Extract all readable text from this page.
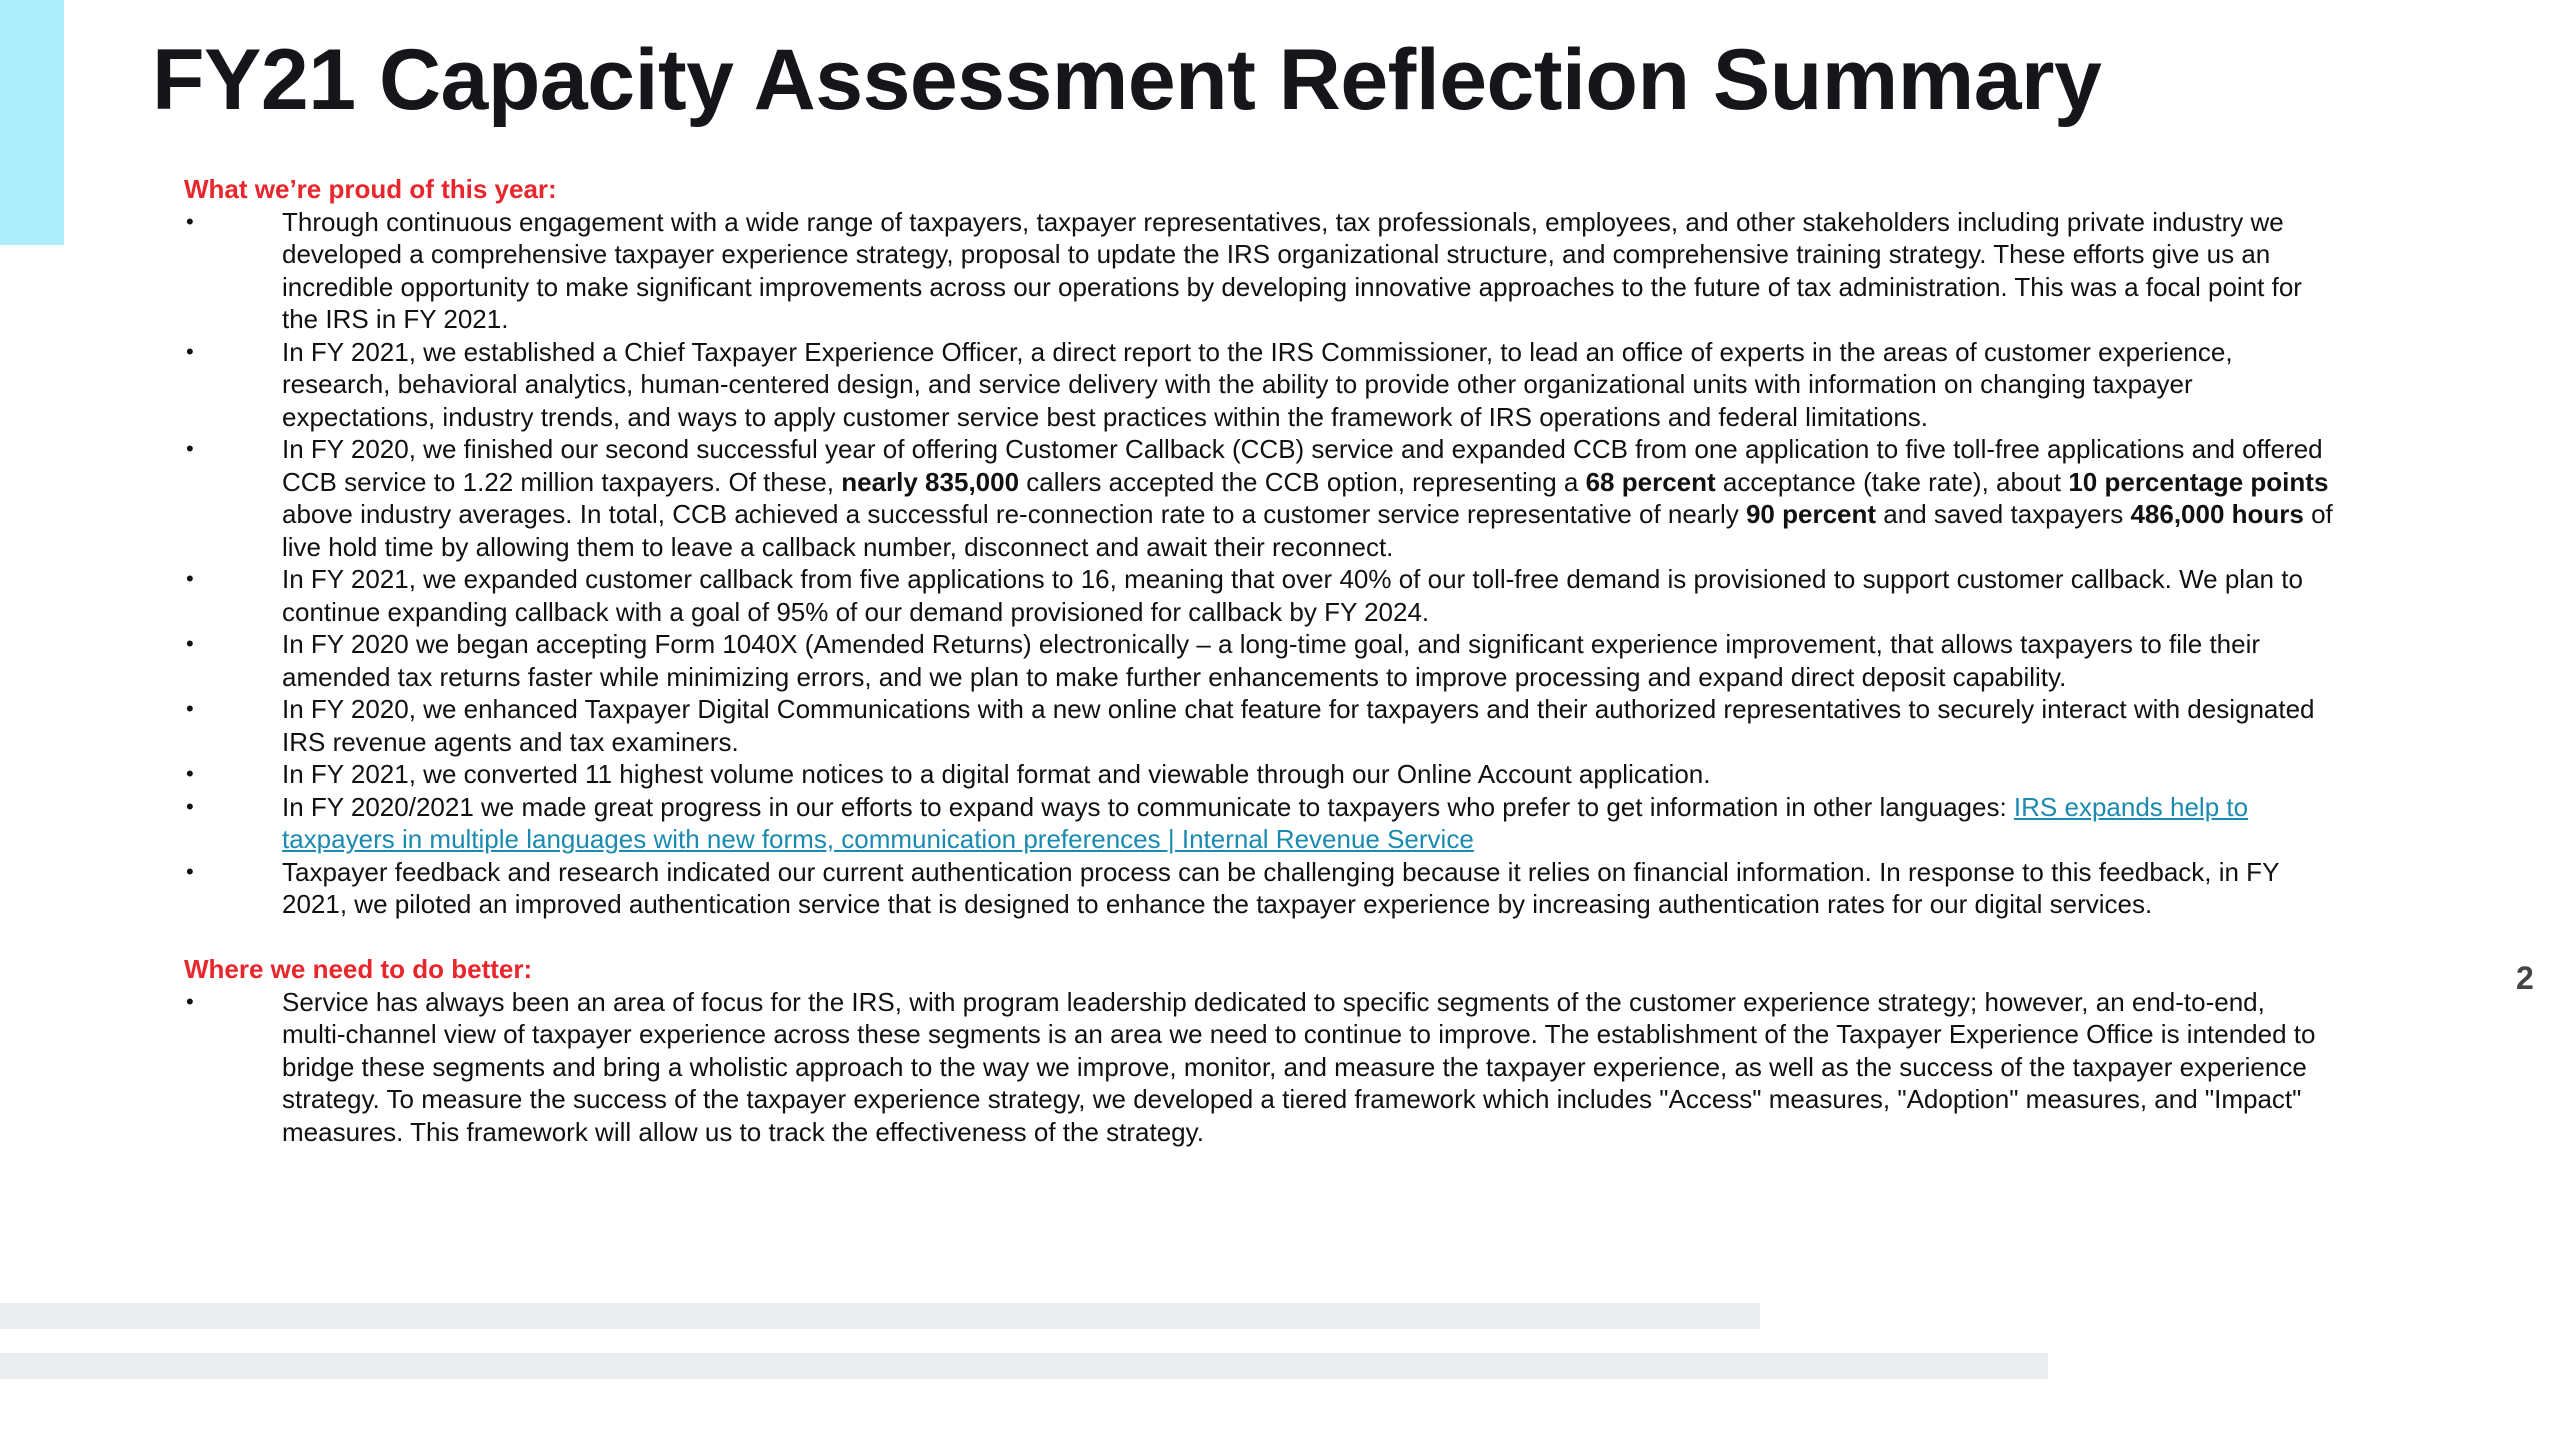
FY21 Capacity Assessment Reflection Summary

What we’re proud of this year:

•	Through continuous engagement with a wide range of taxpayers, taxpayer representatives, tax professionals, employees, and other stakeholders including private industry we developed a comprehensive taxpayer experience strategy, proposal to update the IRS organizational structure, and comprehensive training strategy. These efforts give us an incredible opportunity to make significant improvements across our operations by developing innovative approaches to the future of tax administration. This was a focal point for the IRS in FY 2021.
•	In FY 2021, we established a Chief Taxpayer Experience Officer, a direct report to the IRS Commissioner, to lead an office of experts in the areas of customer experience, research, behavioral analytics, human-centered design, and service delivery with the ability to provide other organizational units with information on changing taxpayer expectations, industry trends, and ways to apply customer service best practices within the framework of IRS operations and federal limitations.
•	In FY 2020, we finished our second successful year of offering Customer Callback (CCB) service and expanded CCB from one application to five toll-free applications and offered CCB service to 1.22 million taxpayers. Of these, nearly 835,000 callers accepted the CCB option, representing a 68 percent acceptance (take rate), about 10 percentage points above industry averages. In total, CCB achieved a successful re-connection rate to a customer service representative of nearly 90 percent and saved taxpayers 486,000 hours of live hold time by allowing them to leave a callback number, disconnect and await their reconnect.
•	In FY 2021, we expanded customer callback from five applications to 16, meaning that over 40% of our toll-free demand is provisioned to support customer callback. We plan to continue expanding callback with a goal of 95% of our demand provisioned for callback by FY 2024.
•	In FY 2020 we began accepting Form 1040X (Amended Returns) electronically – a long-time goal, and significant experience improvement, that allows taxpayers to file their amended tax returns faster while minimizing errors, and we plan to make further enhancements to improve processing and expand direct deposit capability.
•	In FY 2020, we enhanced Taxpayer Digital Communications with a new online chat feature for taxpayers and their authorized representatives to securely interact with designated IRS revenue agents and tax examiners.
•	In FY 2021, we converted 11 highest volume notices to a digital format and viewable through our Online Account application.
•	In FY 2020/2021 we made great progress in our efforts to expand ways to communicate to taxpayers who prefer to get information in other languages: IRS expands help to taxpayers in multiple languages with new forms, communication preferences | Internal Revenue Service
•	Taxpayer feedback and research indicated our current authentication process can be challenging because it relies on financial information. In response to this feedback, in FY 2021, we piloted an improved authentication service that is designed to enhance the taxpayer experience by increasing authentication rates for our digital services.

Where we need to do better:

•	Service has always been an area of focus for the IRS, with program leadership dedicated to specific segments of the customer experience strategy; however, an end-to-end, multi-channel view of taxpayer experience across these segments is an area we need to continue to improve. The establishment of the Taxpayer Experience Office is intended to bridge these segments and bring a wholistic approach to the way we improve, monitor, and measure the taxpayer experience, as well as the success of the taxpayer experience strategy. To measure the success of the taxpayer experience strategy, we developed a tiered framework which includes "Access" measures, "Adoption" measures, and "Impact" measures. This framework will allow us to track the effectiveness of the strategy.
2
